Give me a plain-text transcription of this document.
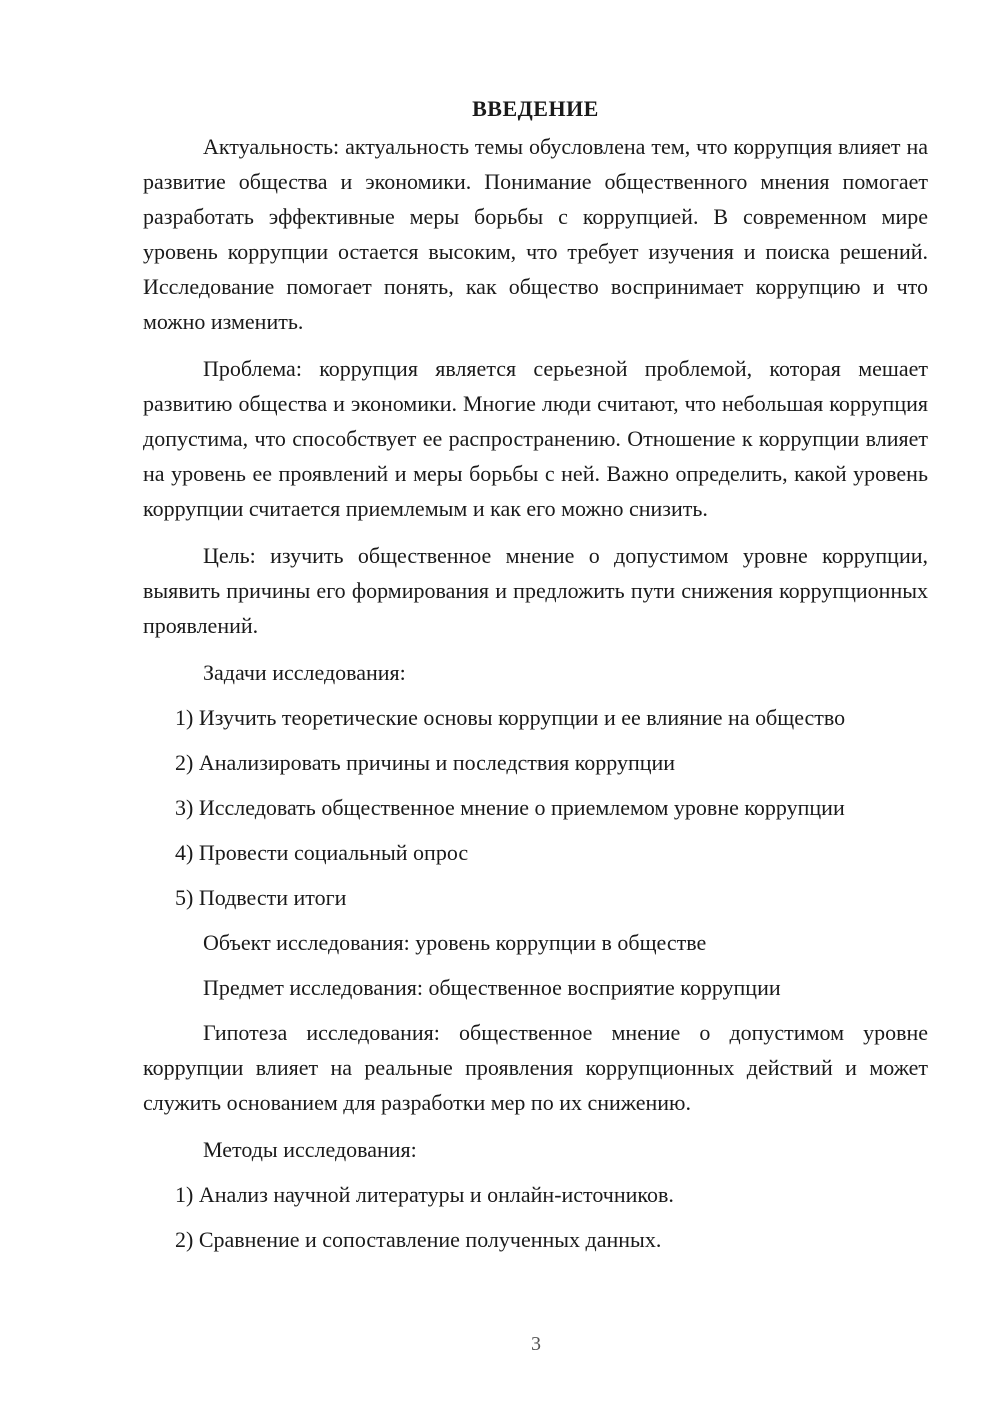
ВВЕДЕНИЕ

Актуальность: актуальность темы обусловлена тем, что коррупция влияет на развитие общества и экономики. Понимание общественного мнения помогает разработать эффективные меры борьбы с коррупцией. В современном мире уровень коррупции остается высоким, что требует изучения и поиска решений. Исследование помогает понять, как общество воспринимает коррупцию и что можно изменить.

Проблема: коррупция является серьезной проблемой, которая мешает развитию общества и экономики. Многие люди считают, что небольшая коррупция допустима, что способствует ее распространению. Отношение к коррупции влияет на уровень ее проявлений и меры борьбы с ней. Важно определить, какой уровень коррупции считается приемлемым и как его можно снизить.

Цель: изучить общественное мнение о допустимом уровне коррупции, выявить причины его формирования и предложить пути снижения коррупционных проявлений.

Задачи исследования:
1) Изучить теоретические основы коррупции и ее влияние на общество
2) Анализировать причины и последствия коррупции
3) Исследовать общественное мнение о приемлемом уровне коррупции
4) Провести социальный опрос
5) Подвести итоги
Объект исследования: уровень коррупции в обществе
Предмет исследования: общественное восприятие коррупции

Гипотеза исследования: общественное мнение о допустимом уровне коррупции влияет на реальные проявления коррупционных действий и может служить основанием для разработки мер по их снижению.

Методы исследования:
1) Анализ научной литературы и онлайн-источников.
2) Сравнение и сопоставление полученных данных.
3
